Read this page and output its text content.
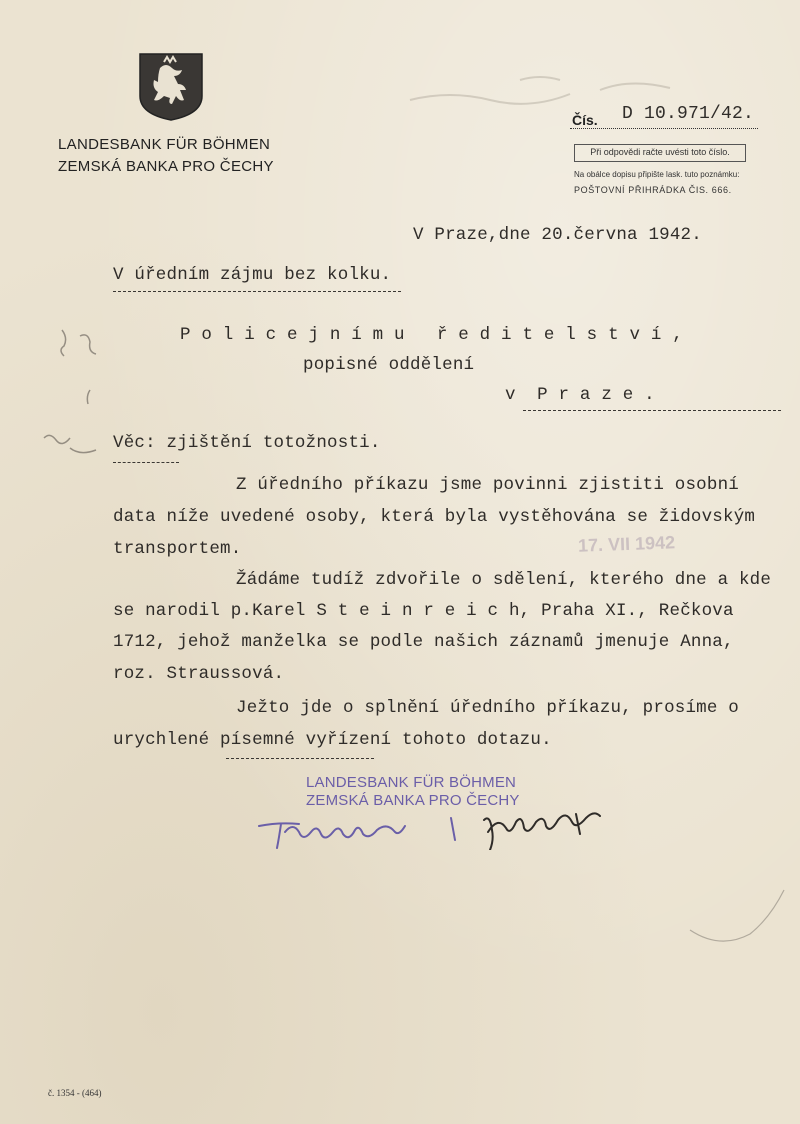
LANDESBANK FÜR BÖHMEN
ZEMSKÁ BANKA PRO ČECHY
Čís. D 10.971/42.
Při odpovědi račte uvésti toto číslo.
Na obálce dopisu připište lask. tuto poznámku:
POŠTOVNÍ PŘIHRÁDKA ČIS. 666.
V Praze,dne 20.června 1942.
V úředním zájmu bez kolku.
P o l i c e j n í m u   ř e d i t e l s t v í ,
popisné oddělení
v  P r a z e .
Věc: zjištění totožnosti.
Z úředního příkazu jsme povinni zjistiti osobní
data níže uvedené osoby, která byla vystěhována se židovským
transportem.
Žádáme tudíž zdvořile o sdělení, kterého dne a kde
se narodil p.Karel S t e i n r e i c h, Praha XI., Rečkova
1712, jehož manželka se podle našich záznamů jmenuje Anna,
roz. Straussová.
Ježto jde o splnění úředního příkazu, prosíme o
urychlené písemné vyřízení tohoto dotazu.
17. VII 1942
LANDESBANK FÜR BÖHMEN
ZEMSKÁ BANKA PRO ČECHY
č. 1354 - (464)
